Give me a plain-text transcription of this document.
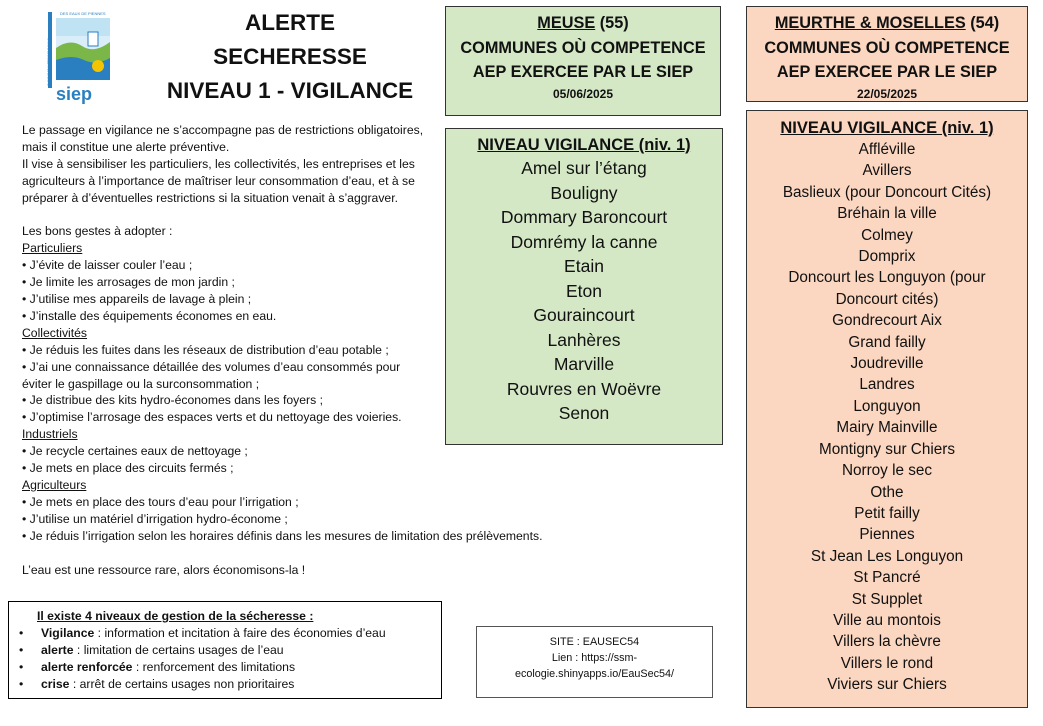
SYNDICAT INTERCOMMUNAL
DES EAUX DE PIENNES
siep
ALERTE
SECHERESSE
NIVEAU 1 - VIGILANCE
Le passage en vigilance ne s’accompagne pas de restrictions obligatoires,
mais il constitue une alerte préventive.
Il vise à sensibiliser les particuliers, les collectivités, les entreprises et les
agriculteurs à l’importance de maîtriser leur consommation d’eau, et à se
préparer à d’éventuelles restrictions si la situation venait à s’aggraver.
Les bons gestes à adopter :
Particuliers
• J’évite de laisser couler l’eau ;
• Je limite les arrosages de mon jardin ;
• J’utilise mes appareils de lavage à plein ;
• J’installe des équipements économes en eau.
Collectivités
• Je réduis les fuites dans les réseaux de distribution d’eau potable ;
• J’ai une connaissance détaillée des volumes d’eau consommés pour
éviter le gaspillage ou la surconsommation ;
• Je distribue des kits hydro-économes dans les foyers ;
• J’optimise l’arrosage des espaces verts et du nettoyage des voieries.
Industriels
• Je recycle certaines eaux de nettoyage ;
• Je mets en place des circuits fermés ;
Agriculteurs
• Je mets en place des tours d’eau pour l’irrigation ;
• J’utilise un matériel d’irrigation hydro-économe ;
• Je réduis l’irrigation selon les horaires définis dans les mesures de limitation des prélèvements.
L’eau est une ressource rare, alors économisons-la !
Il existe 4 niveaux de gestion de la sécheresse :
• Vigilance : information et incitation à faire des économies d’eau
• alerte : limitation de certains usages de l’eau
• alerte renforcée : renforcement des limitations
• crise : arrêt de certains usages non prioritaires
SITE : EAUSEC54
Lien : https://ssm-
ecologie.shinyapps.io/EauSec54/
MEUSE (55)
COMMUNES OÙ COMPETENCE
AEP EXERCEE PAR LE SIEP
05/06/2025
NIVEAU VIGILANCE (niv. 1)
Amel sur l’étang
Bouligny
Dommary Baroncourt
Domrémy la canne
Etain
Eton
Gouraincourt
Lanhères
Marville
Rouvres en Woëvre
Senon
MEURTHE & MOSELLES (54)
COMMUNES OÙ COMPETENCE
AEP EXERCEE PAR LE SIEP
22/05/2025
NIVEAU VIGILANCE (niv. 1)
Affléville
Avillers
Baslieux (pour Doncourt Cités)
Bréhain la ville
Colmey
Domprix
Doncourt les Longuyon (pour
Doncourt cités)
Gondrecourt Aix
Grand failly
Joudreville
Landres
Longuyon
Mairy Mainville
Montigny sur Chiers
Norroy le sec
Othe
Petit failly
Piennes
St Jean Les Longuyon
St Pancré
St Supplet
Ville au montois
Villers la chèvre
Villers le rond
Viviers sur Chiers
